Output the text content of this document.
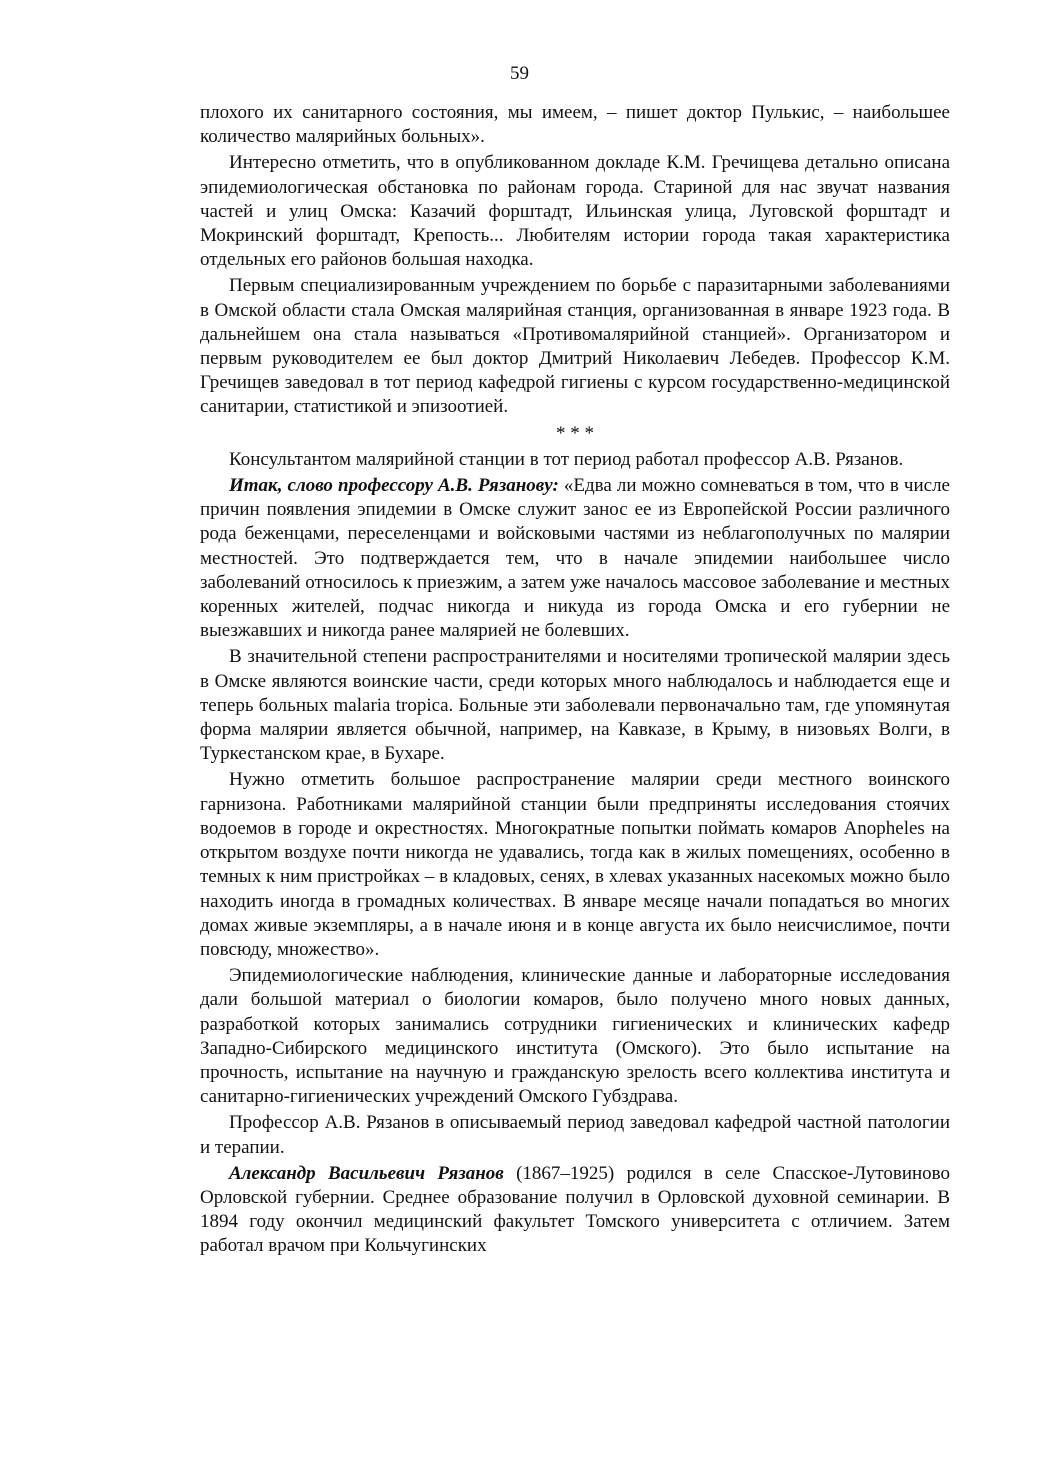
59

плохого их санитарного состояния, мы имеем, – пишет доктор Пулькис, – наибольшее количество малярийных больных».

Интересно отметить, что в опубликованном докладе К.М. Гречищева детально описана эпидемиологическая обстановка по районам города. Стариной для нас звучат названия частей и улиц Омска: Казачий форштадт, Ильинская улица, Луговской форштадт и Мокринский форштадт, Крепость... Любителям истории города такая характеристика отдельных его районов большая находка.

Первым специализированным учреждением по борьбе с паразитарными заболеваниями в Омской области стала Омская малярийная станция, организованная в январе 1923 года. В дальнейшем она стала называться «Противомалярийной станцией». Организатором и первым руководителем ее был доктор Дмитрий Николаевич Лебедев. Профессор К.М. Гречищев заведовал в тот период кафедрой гигиены с курсом государственно-медицинской санитарии, статистикой и эпизоотией.

* * *

Консультантом малярийной станции в тот период работал профессор А.В. Рязанов.

Итак, слово профессору А.В. Рязанову: «Едва ли можно сомневаться в том, что в числе причин появления эпидемии в Омске служит занос ее из Европейской России различного рода беженцами, переселенцами и войсковыми частями из неблагополучных по малярии местностей. Это подтверждается тем, что в начале эпидемии наибольшее число заболеваний относилось к приезжим, а затем уже началось массовое заболевание и местных коренных жителей, подчас никогда и никуда из города Омска и его губернии не выезжавших и никогда ранее малярией не болевших.

В значительной степени распространителями и носителями тропической малярии здесь в Омске являются воинские части, среди которых много наблюдалось и наблюдается еще и теперь больных malaria tropica. Больные эти заболевали первоначально там, где упомянутая форма малярии является обычной, например, на Кавказе, в Крыму, в низовьях Волги, в Туркестанском крае, в Бухаре.

Нужно отметить большое распространение малярии среди местного воинского гарнизона. Работниками малярийной станции были предприняты исследования стоячих водоемов в городе и окрестностях. Многократные попытки поймать комаров Anopheles на открытом воздухе почти никогда не удавались, тогда как в жилых помещениях, особенно в темных к ним пристройках – в кладовых, сенях, в хлевах указанных насекомых можно было находить иногда в громадных количествах. В январе месяце начали попадаться во многих домах живые экземпляры, а в начале июня и в конце августа их было неисчислимое, почти повсюду, множество».

Эпидемиологические наблюдения, клинические данные и лабораторные исследования дали большой материал о биологии комаров, было получено много новых данных, разработкой которых занимались сотрудники гигиенических и клинических кафедр Западно-Сибирского медицинского института (Омского). Это было испытание на прочность, испытание на научную и гражданскую зрелость всего коллектива института и санитарно-гигиенических учреждений Омского Губздрава.

Профессор А.В. Рязанов в описываемый период заведовал кафедрой частной патологии и терапии.

Александр Васильевич Рязанов (1867–1925) родился в селе Спасское-Лутовиново Орловской губернии. Среднее образование получил в Орловской духовной семинарии. В 1894 году окончил медицинский факультет Томского университета с отличием. Затем работал врачом при Кольчугинских
